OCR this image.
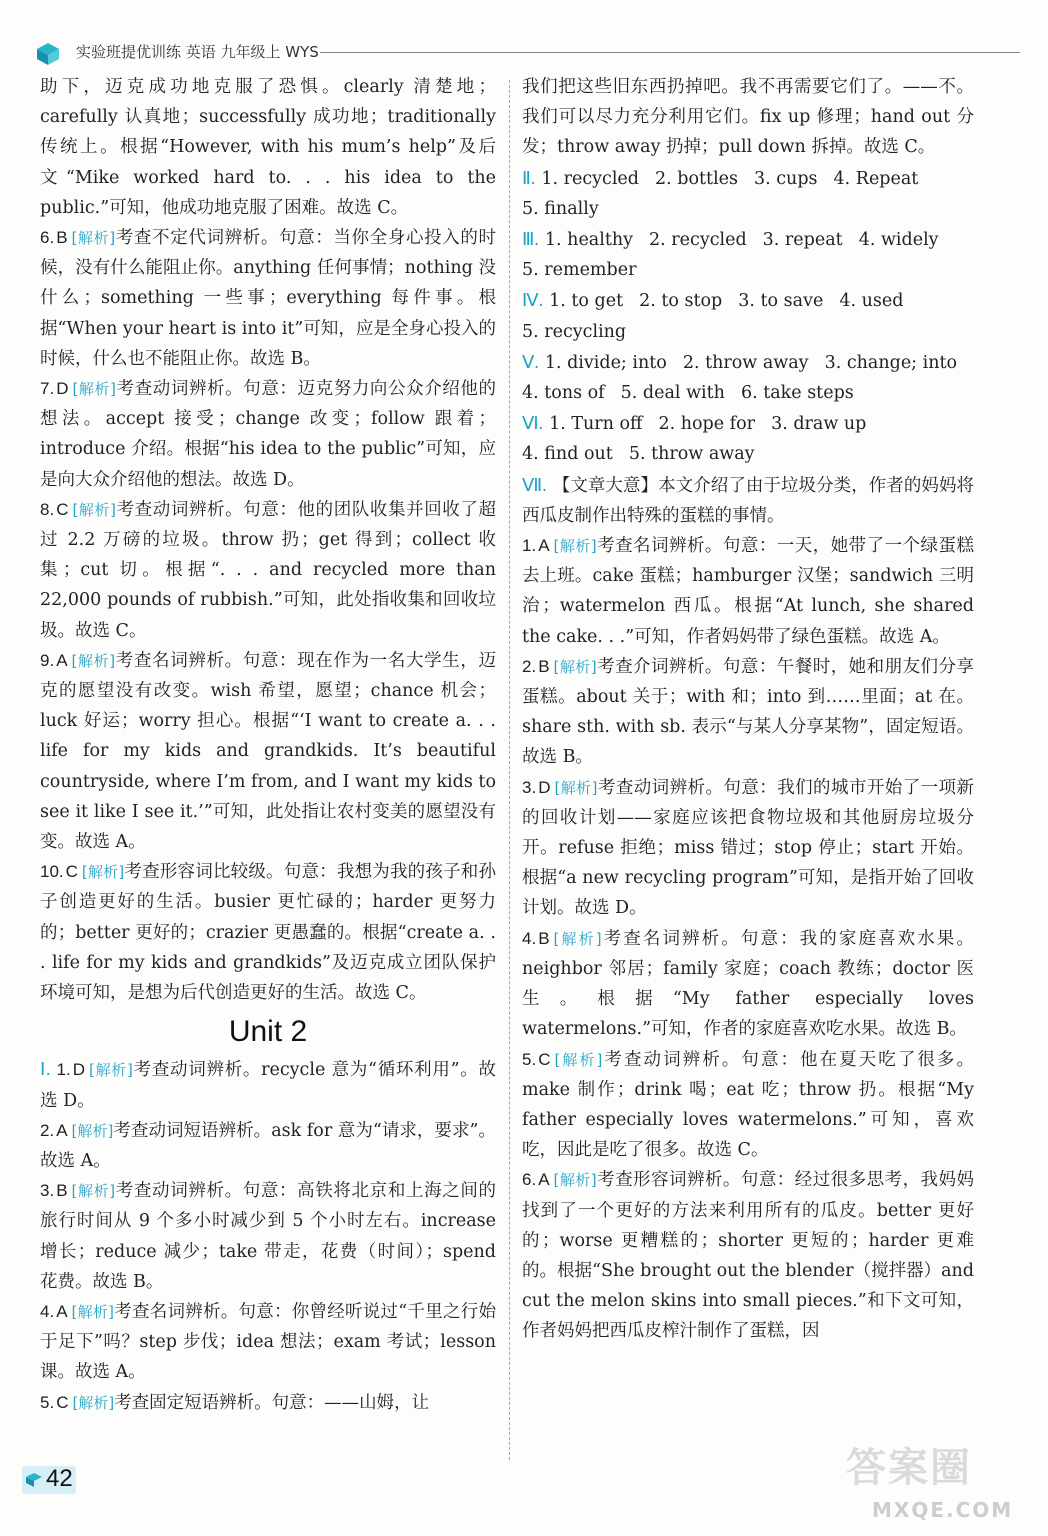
实验班提优训练 英语 九年级上 WYS

助下，迈克成功地克服了恐惧。clearly 清楚地；carefully 认真地；successfully 成功地；traditionally 传统上。根据“However, with his mum’s help”及后文“Mike worked hard to. . . his idea to the public.”可知，他成功地克服了困难。故选 C。

6. B [解析]考查不定代词辨析。句意：当你全身心投入的时候，没有什么能阻止你。anything 任何事情；nothing 没什么；something 一些事；everything 每件事。根据“When your heart is into it”可知，应是全身心投入的时候，什么也不能阻止你。故选 B。

7. D [解析]考查动词辨析。句意：迈克努力向公众介绍他的想法。accept 接受；change 改变；follow 跟着；introduce 介绍。根据“his idea to the public”可知，应是向大众介绍他的想法。故选 D。

8. C [解析]考查动词辨析。句意：他的团队收集并回收了超过 2.2 万磅的垃圾。throw 扔；get 得到；collect 收集；cut 切。根据“. . . and recycled more than 22,000 pounds of rubbish.”可知，此处指收集和回收垃圾。故选 C。

9. A [解析]考查名词辨析。句意：现在作为一名大学生，迈克的愿望没有改变。wish 希望，愿望；chance 机会；luck 好运；worry 担心。根据“‘I want to create a. . . life for my kids and grandkids. It’s beautiful countryside, where I’m from, and I want my kids to see it like I see it.’”可知，此处指让农村变美的愿望没有变。故选 A。

10. C [解析]考查形容词比较级。句意：我想为我的孩子和孙子创造更好的生活。busier 更忙碌的；harder 更努力的；better 更好的；crazier 更愚蠢的。根据“create a. . . life for my kids and grandkids”及迈克成立团队保护环境可知，是想为后代创造更好的生活。故选 C。

Unit 2

Ⅰ. 1. D [解析]考查动词辨析。recycle 意为“循环利用”。故选 D。

2. A [解析]考查动词短语辨析。ask for 意为“请求，要求”。故选 A。

3. B [解析]考查动词辨析。句意：高铁将北京和上海之间的旅行时间从 9 个多小时减少到 5 个小时左右。increase 增长；reduce 减少；take 带走，花费（时间）；spend 花费。故选 B。

4. A [解析]考查名词辨析。句意：你曾经听说过“千里之行始于足下”吗？step 步伐；idea 想法；exam 考试；lesson 课。故选 A。

5. C [解析]考查固定短语辨析。句意：——山姆，让

我们把这些旧东西扔掉吧。我不再需要它们了。——不。我们可以尽力充分利用它们。fix up 修理；hand out 分发；throw away 扔掉；pull down 拆掉。故选 C。

Ⅱ. 1. recycled 2. bottles 3. cups 4. Repeat

5. finally

Ⅲ. 1. healthy 2. recycled 3. repeat 4. widely

5. remember

Ⅳ. 1. to get 2. to stop 3. to save 4. used

5. recycling

Ⅴ. 1. divide; into 2. throw away 3. change; into

4. tons of 5. deal with 6. take steps

Ⅵ. 1. Turn off 2. hope for 3. draw up

4. find out 5. throw away

Ⅶ. 【文章大意】本文介绍了由于垃圾分类，作者的妈妈将西瓜皮制作出特殊的蛋糕的事情。

1. A [解析]考查名词辨析。句意：一天，她带了一个绿蛋糕去上班。cake 蛋糕；hamburger 汉堡；sandwich 三明治；watermelon 西瓜。根据“At lunch, she shared the cake. . .”可知，作者妈妈带了绿色蛋糕。故选 A。

2. B [解析]考查介词辨析。句意：午餐时，她和朋友们分享蛋糕。about 关于；with 和；into 到……里面；at 在。share sth. with sb. 表示“与某人分享某物”，固定短语。故选 B。

3. D [解析]考查动词辨析。句意：我们的城市开始了一项新的回收计划——家庭应该把食物垃圾和其他厨房垃圾分开。refuse 拒绝；miss 错过；stop 停止；start 开始。根据“a new recycling program”可知，是指开始了回收计划。故选 D。

4. B [解析]考查名词辨析。句意：我的家庭喜欢水果。neighbor 邻居；family 家庭；coach 教练；doctor 医生。根据“My father especially loves watermelons.”可知，作者的家庭喜欢吃水果。故选 B。

5. C [解析]考查动词辨析。句意：他在夏天吃了很多。make 制作；drink 喝；eat 吃；throw 扔。根据“My father especially loves watermelons.”可知，喜欢吃，因此是吃了很多。故选 C。

6. A [解析]考查形容词辨析。句意：经过很多思考，我妈妈找到了一个更好的方法来利用所有的瓜皮。better 更好的；worse 更糟糕的；shorter 更短的；harder 更难的。根据“She brought out the blender（搅拌器）and cut the melon skins into small pieces.”和下文可知，作者妈妈把西瓜皮榨汁制作了蛋糕，因

42	答案圈
MXQE.COM
